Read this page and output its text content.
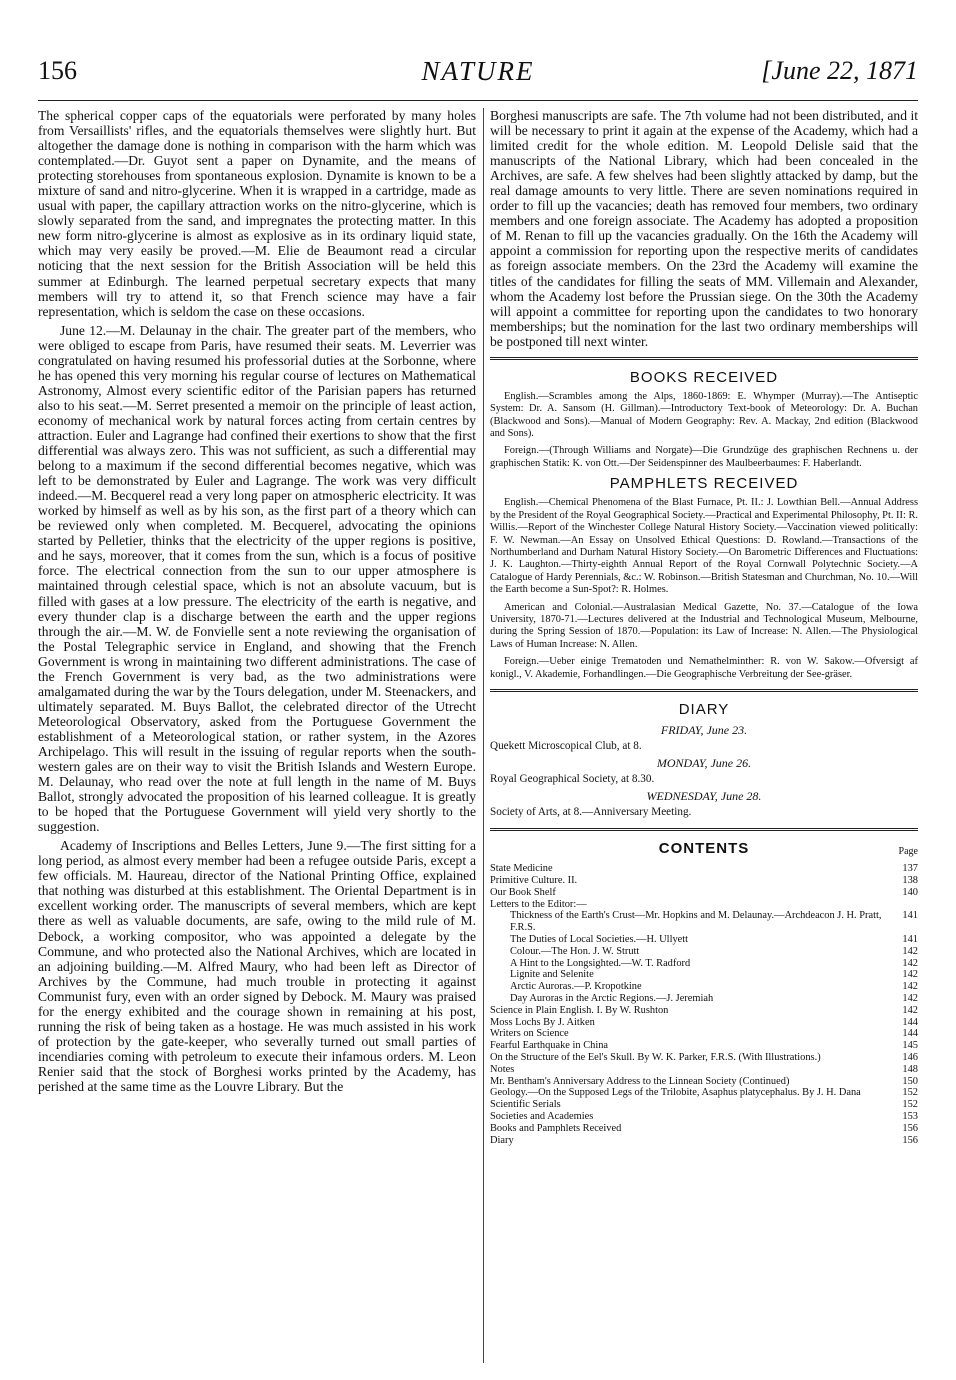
156	NATURE	[June 22, 1871

The spherical copper caps of the equatorials were perforated by many holes from Versaillists' rifles, and the equatorials themselves were slightly hurt. But altogether the damage done is nothing in comparison with the harm which was contemplated.—Dr. Guyot sent a paper on Dynamite, and the means of protecting storehouses from spontaneous explosion. Dynamite is known to be a mixture of sand and nitro-glycerine. When it is wrapped in a cartridge, made as usual with paper, the capillary attraction works on the nitro-glycerine, which is slowly separated from the sand, and impregnates the protecting matter. In this new form nitro-glycerine is almost as explosive as in its ordinary liquid state, which may very easily be proved.—M. Elie de Beaumont read a circular noticing that the next session for the British Association will be held this summer at Edinburgh. The learned perpetual secretary expects that many members will try to attend it, so that French science may have a fair representation, which is seldom the case on these occasions.

June 12.—M. Delaunay in the chair. The greater part of the members, who were obliged to escape from Paris, have resumed their seats. M. Leverrier was congratulated on having resumed his professorial duties at the Sorbonne, where he has opened this very morning his regular course of lectures on Mathematical Astronomy, Almost every scientific editor of the Parisian papers has returned also to his seat.—M. Serret presented a memoir on the principle of least action, economy of mechanical work by natural forces acting from certain centres by attraction. Euler and Lagrange had confined their exertions to show that the first differential was always zero. This was not sufficient, as such a differential may belong to a maximum if the second differential becomes negative, which was left to be demonstrated by Euler and Lagrange. The work was very difficult indeed.—M. Becquerel read a very long paper on atmospheric electricity. It was worked by himself as well as by his son, as the first part of a theory which can be reviewed only when completed. M. Becquerel, advocating the opinions started by Pelletier, thinks that the electricity of the upper regions is positive, and he says, moreover, that it comes from the sun, which is a focus of positive force. The electrical connection from the sun to our upper atmosphere is maintained through celestial space, which is not an absolute vacuum, but is filled with gases at a low pressure. The electricity of the earth is negative, and every thunder clap is a discharge between the earth and the upper regions through the air.—M. W. de Fonvielle sent a note reviewing the organisation of the Postal Telegraphic service in England, and showing that the French Government is wrong in maintaining two different administrations. The case of the French Government is very bad, as the two administrations were amalgamated during the war by the Tours delegation, under M. Steenackers, and ultimately separated. M. Buys Ballot, the celebrated director of the Utrecht Meteorological Observatory, asked from the Portuguese Government the establishment of a Meteorological station, or rather system, in the Azores Archipelago. This will result in the issuing of regular reports when the south-western gales are on their way to visit the British Islands and Western Europe. M. Delaunay, who read over the note at full length in the name of M. Buys Ballot, strongly advocated the proposition of his learned colleague. It is greatly to be hoped that the Portuguese Government will yield very shortly to the suggestion.

Academy of Inscriptions and Belles Letters, June 9.—The first sitting for a long period, as almost every member had been a refugee outside Paris, except a few officials. M. Haureau, director of the National Printing Office, explained that nothing was disturbed at this establishment. The Oriental Department is in excellent working order. The manuscripts of several members, which are kept there as well as valuable documents, are safe, owing to the mild rule of M. Debock, a working compositor, who was appointed a delegate by the Commune, and who protected also the National Archives, which are located in an adjoining building.—M. Alfred Maury, who had been left as Director of Archives by the Commune, had much trouble in protecting it against Communist fury, even with an order signed by Debock. M. Maury was praised for the energy exhibited and the courage shown in remaining at his post, running the risk of being taken as a hostage. He was much assisted in his work of protection by the gate-keeper, who severally turned out small parties of incendiaries coming with petroleum to execute their infamous orders. M. Leon Renier said that the stock of Borghesi works printed by the Academy, has perished at the same time as the Louvre Library. But the

Borghesi manuscripts are safe. The 7th volume had not been distributed, and it will be necessary to print it again at the expense of the Academy, which had a limited credit for the whole edition. M. Leopold Delisle said that the manuscripts of the National Library, which had been concealed in the Archives, are safe. A few shelves had been slightly attacked by damp, but the real damage amounts to very little. There are seven nominations required in order to fill up the vacancies; death has removed four members, two ordinary members and one foreign associate. The Academy has adopted a proposition of M. Renan to fill up the vacancies gradually. On the 16th the Academy will appoint a commission for reporting upon the respective merits of candidates as foreign associate members. On the 23rd the Academy will examine the titles of the candidates for filling the seats of MM. Villemain and Alexander, whom the Academy lost before the Prussian siege. On the 30th the Academy will appoint a committee for reporting upon the candidates to two honorary memberships; but the nomination for the last two ordinary memberships will be postponed till next winter.

BOOKS RECEIVED

English.—Scrambles among the Alps, 1860-1869: E. Whymper (Murray).—The Antiseptic System: Dr. A. Sansom (H. Gillman).—Introductory Text-book of Meteorology: Dr. A. Buchan (Blackwood and Sons).—Manual of Modern Geography: Rev. A. Mackay, 2nd edition (Blackwood and Sons).

Foreign.—(Through Williams and Norgate)—Die Grundzüge des graphischen Rechnens u. der graphischen Statik: K. von Ott.—Der Seidenspinner des Maulbeerbaumes: F. Haberlandt.

PAMPHLETS RECEIVED

English.—Chemical Phenomena of the Blast Furnace, Pt. II.: J. Lowthian Bell.—Annual Address by the President of the Royal Geographical Society.—Practical and Experimental Philosophy, Pt. II: R. Willis.—Report of the Winchester College Natural History Society.—Vaccination viewed politically: F. W. Newman.—An Essay on Unsolved Ethical Questions: D. Rowland.—Transactions of the Northumberland and Durham Natural History Society.—On Barometric Differences and Fluctuations: J. K. Laughton.—Thirty-eighth Annual Report of the Royal Cornwall Polytechnic Society.—A Catalogue of Hardy Perennials, &c.: W. Robinson.—British Statesman and Churchman, No. 10.—Will the Earth become a Sun-Spot?: R. Holmes.

American and Colonial.—Australasian Medical Gazette, No. 37.—Catalogue of the Iowa University, 1870-71.—Lectures delivered at the Industrial and Technological Museum, Melbourne, during the Spring Session of 1870.—Population: its Law of Increase: N. Allen.—The Physiological Laws of Human Increase: N. Allen.

Foreign.—Ueber einige Trematoden und Nemathelminther: R. von W. Sakow.—Ofversigt af konigl., V. Akademie, Forhandlingen.—Die Geographische Verbreitung der See-gräser.

DIARY
FRIDAY, June 23.
Quekett Microscopical Club, at 8.
MONDAY, June 26.
Royal Geographical Society, at 8.30.
WEDNESDAY, June 28.
Society of Arts, at 8.—Anniversary Meeting.
CONTENTS	Page
State Medicine	137
Primitive Culture. II.	138
Our Book Shelf	140
Letters to the Editor:—
Thickness of the Earth's Crust—Mr. Hopkins and M. Delaunay.—Archdeacon J. H. Pratt, F.R.S.
141
The Duties of Local Societies.—H. Ullyett	141
Colour.—The Hon. J. W. Strutt	142
A Hint to the Longsighted.—W. T. Radford	142
Lignite and Selenite	142
Arctic Auroras.—P. Kropotkine	142
Day Auroras in the Arctic Regions.—J. Jeremiah	142
Science in Plain English. I. By W. Rushton	142
Moss Lochs By J. Aitken	144
Writers on Science	144
Fearful Earthquake in China	145
On the Structure of the Eel's Skull. By W. K. Parker, F.R.S. (With Illustrations.)	146
Notes	148
Mr. Bentham's Anniversary Address to the Linnean Society (Continued)	150
Geology.—On the Supposed Legs of the Trilobite, Asaphus platycephalus. By J. H. Dana	152
Scientific Serials	152
Societies and Academies	153
Books and Pamphlets Received	156
Diary	156
